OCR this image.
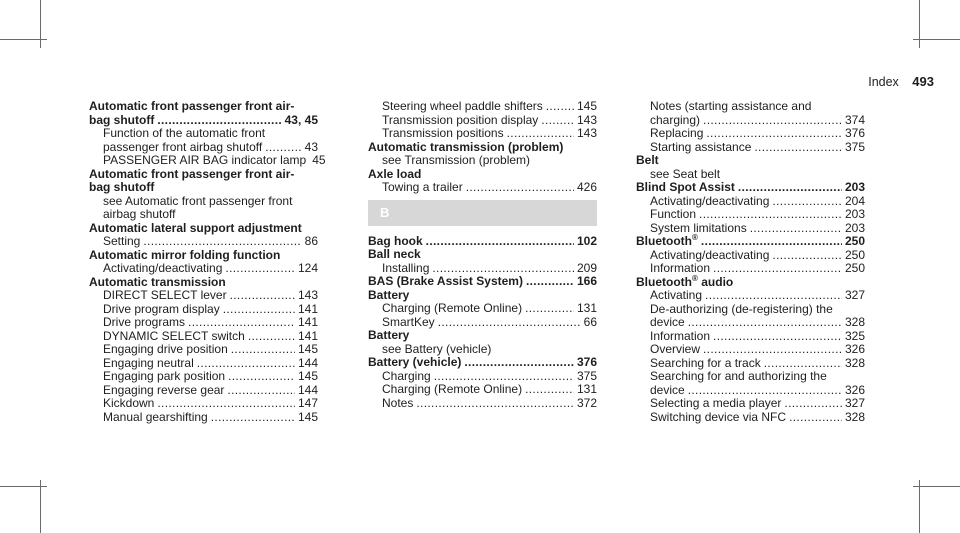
Index 493
Automatic front passenger front air-
bag shutoff . . .	43, 45
Function of the automatic front
passenger front airbag shutoff . . .	43
PASSENGER AIR BAG indicator lamp 45
Automatic front passenger front air-
bag shutoff
see Automatic front passenger front
airbag shutoff
Automatic lateral support adjustment
Setting . . .	86
Automatic mirror folding function
Activating/deactivating . . .	124
Automatic transmission
DIRECT SELECT lever . . .	143
Drive program display . . .	141
Drive programs . . .	141
DYNAMIC SELECT switch . . .	141
Engaging drive position . . .	145
Engaging neutral . . .	144
Engaging park position . . .	145
Engaging reverse gear . . .	144
Kickdown . . .	147
Manual gearshifting . . .	145
Steering wheel paddle shifters . . .	145
Transmission position display . . .	143
Transmission positions . . .	143
Automatic transmission (problem)
see Transmission (problem)
Axle load
Towing a trailer . . .	426
B
Bag hook . . .	102
Ball neck
Installing . . .	209
BAS (Brake Assist System) . . .	166
Battery
Charging (Remote Online) . . .	131
SmartKey . . .	66
Battery
see Battery (vehicle)
Battery (vehicle) . . .	376
Charging . . .	375
Charging (Remote Online) . . .	131
Notes . . .	372
Notes (starting assistance and
charging) . . .	374
Replacing . . .	376
Starting assistance . . .	375
Belt
see Seat belt
Blind Spot Assist . . .	203
Activating/deactivating . . .	204
Function . . .	203
System limitations . . .	203
Bluetooth® . . .	250
Activating/deactivating . . .	250
Information . . .	250
Bluetooth® audio
Activating . . .	327
De-authorizing (de-registering) the
device . . .	328
Information . . .	325
Overview . . .	326
Searching for a track . . .	328
Searching for and authorizing the
device . . .	326
Selecting a media player . . .	327
Switching device via NFC . . .	328
